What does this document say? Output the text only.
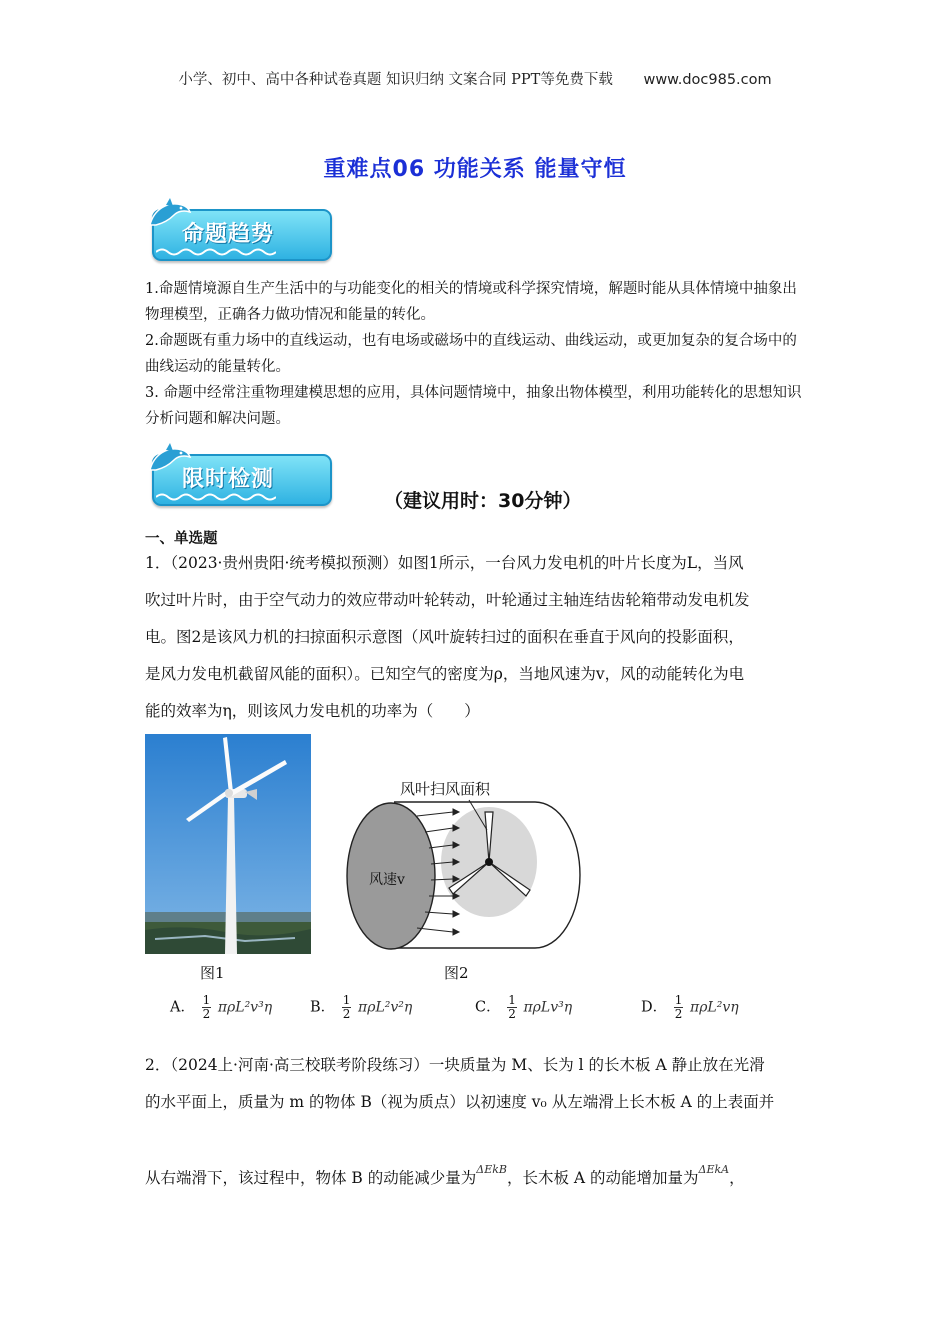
小学、初中、高中各种试卷真题 知识归纳 文案合同 PPT等免费下载 www.doc985.com
重难点06 功能关系 能量守恒
命题趋势
1.命题情境源自生产生活中的与功能变化的相关的情境或科学探究情境，解题时能从具体情境中抽象出物理模型，正确各力做功情况和能量的转化。
2.命题既有重力场中的直线运动，也有电场或磁场中的直线运动、曲线运动，或更加复杂的复合场中的曲线运动的能量转化。
3. 命题中经常注重物理建模思想的应用，具体问题情境中，抽象出物体模型，利用功能转化的思想知识分析问题和解决问题。
限时检测
（建议用时：30分钟）
一、单选题
1．（2023·贵州贵阳·统考模拟预测）如图1所示，一台风力发电机的叶片长度为L，当风
吹过叶片时，由于空气动力的效应带动叶轮转动，叶轮通过主轴连结齿轮箱带动发电机发
电。图2是该风力机的扫掠面积示意图（风叶旋转扫过的面积在垂直于风向的投影面积，
是风力发电机截留风能的面积）。已知空气的密度为ρ，当地风速为v，风的动能转化为电
能的效率为η，则该风力发电机的功率为（　　）
风叶扫风面积
风速v
图1	图2
A． $\frac{1}{2} \pi\rho L^2v^3\eta$	B． $\frac{1}{2} \pi\rho L^2v^2\eta$	C． $\frac{1}{2} \pi\rho Lv^3\eta$	D． $\frac{1}{2} \pi\rho L^2v\eta$
2．（2024上·河南·高三校联考阶段练习）一块质量为 M、长为 l 的长木板 A 静止放在光滑
的水平面上，质量为 m 的物体 B（视为质点）以初速度 v₀ 从左端滑上长木板 A 的上表面并
从右端滑下，该过程中，物体 B 的动能减少量为$^{\Delta EkB}$，长木板 A 的动能增加量为$^{\Delta EkA}$，
